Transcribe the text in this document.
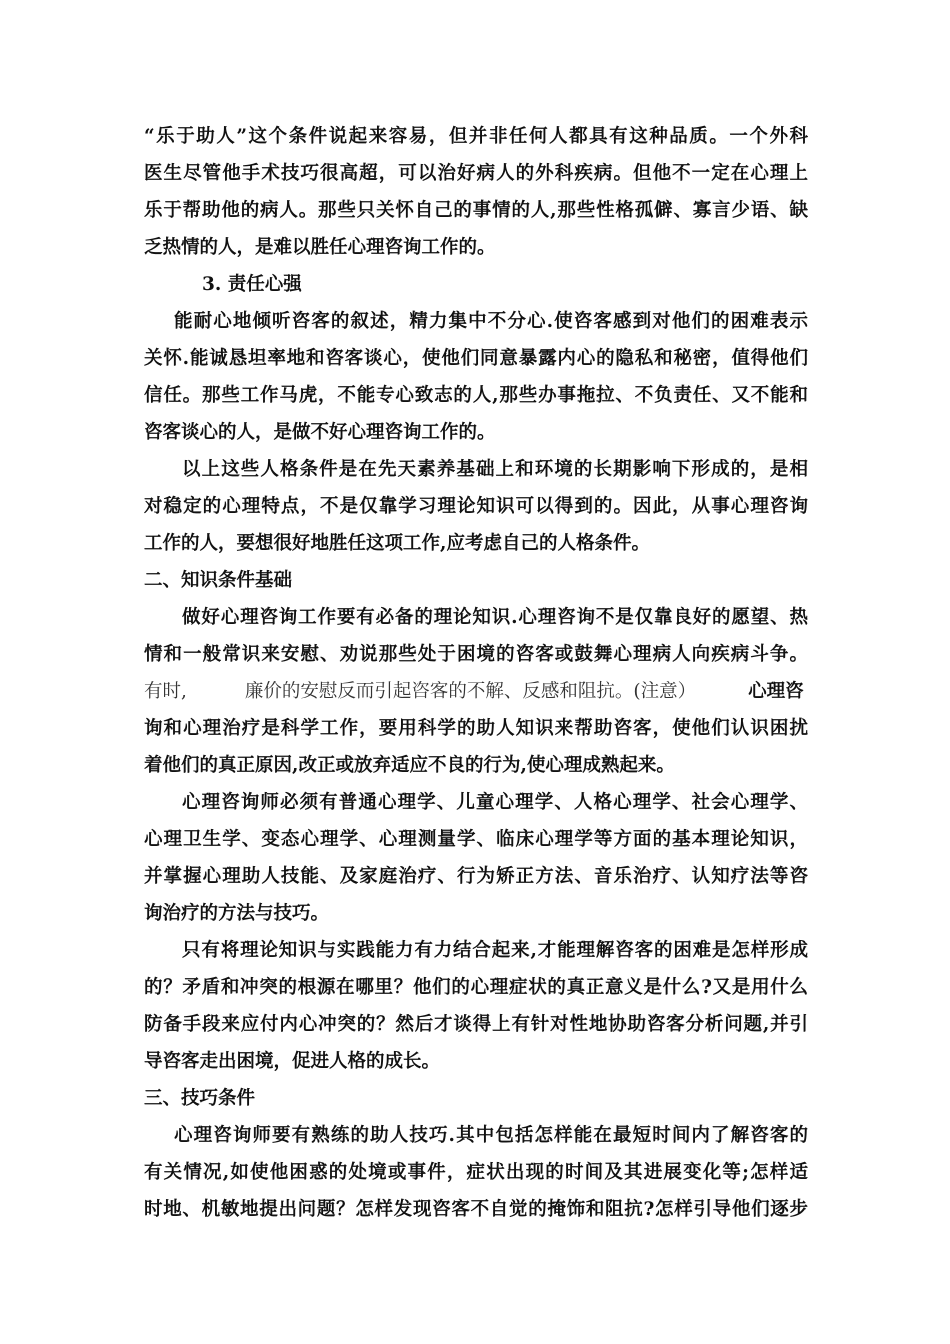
“乐于助人”这个条件说起来容易，但并非任何人都具有这种品质。一个外科
医生尽管他手术技巧很高超，可以治好病人的外科疾病。但他不一定在心理上
乐于帮助他的病人。那些只关怀自己的事情的人,那些性格孤僻、寡言少语、缺
乏热情的人，是难以胜任心理咨询工作的。
3. 责任心强
能耐心地倾听咨客的叙述，精力集中不分心.使咨客感到对他们的困难表示
关怀.能诚恳坦率地和咨客谈心，使他们同意暴露内心的隐私和秘密，值得他们
信任。那些工作马虎，不能专心致志的人,那些办事拖拉、不负责任、又不能和
咨客谈心的人，是做不好心理咨询工作的。
以上这些人格条件是在先天素养基础上和环境的长期影响下形成的，是相
对稳定的心理特点，不是仅靠学习理论知识可以得到的。因此，从事心理咨询
工作的人，要想很好地胜任这项工作,应考虑自己的人格条件。
二、知识条件基础
做好心理咨询工作要有必备的理论知识.心理咨询不是仅靠良好的愿望、热
情和一般常识来安慰、劝说那些处于困境的咨客或鼓舞心理病人向疾病斗争。
有时,	廉价的安慰反而引起咨客的不解、反感和阻抗。(注意）	心理咨
询和心理治疗是科学工作，要用科学的助人知识来帮助咨客，使他们认识困扰
着他们的真正原因,改正或放弃适应不良的行为,使心理成熟起来。
心理咨询师必须有普通心理学、儿童心理学、人格心理学、社会心理学、
心理卫生学、变态心理学、心理测量学、临床心理学等方面的基本理论知识，
并掌握心理助人技能、及家庭治疗、行为矫正方法、音乐治疗、认知疗法等咨
询治疗的方法与技巧。
只有将理论知识与实践能力有力结合起来,才能理解咨客的困难是怎样形成
的？矛盾和冲突的根源在哪里？他们的心理症状的真正意义是什么?又是用什么
防备手段来应付内心冲突的？然后才谈得上有针对性地协助咨客分析问题,并引
导咨客走出困境，促进人格的成长。
三、技巧条件
心理咨询师要有熟练的助人技巧.其中包括怎样能在最短时间内了解咨客的
有关情况,如使他困惑的处境或事件，症状出现的时间及其进展变化等;怎样适
时地、机敏地提出问题？怎样发现咨客不自觉的掩饰和阻抗?怎样引导他们逐步
